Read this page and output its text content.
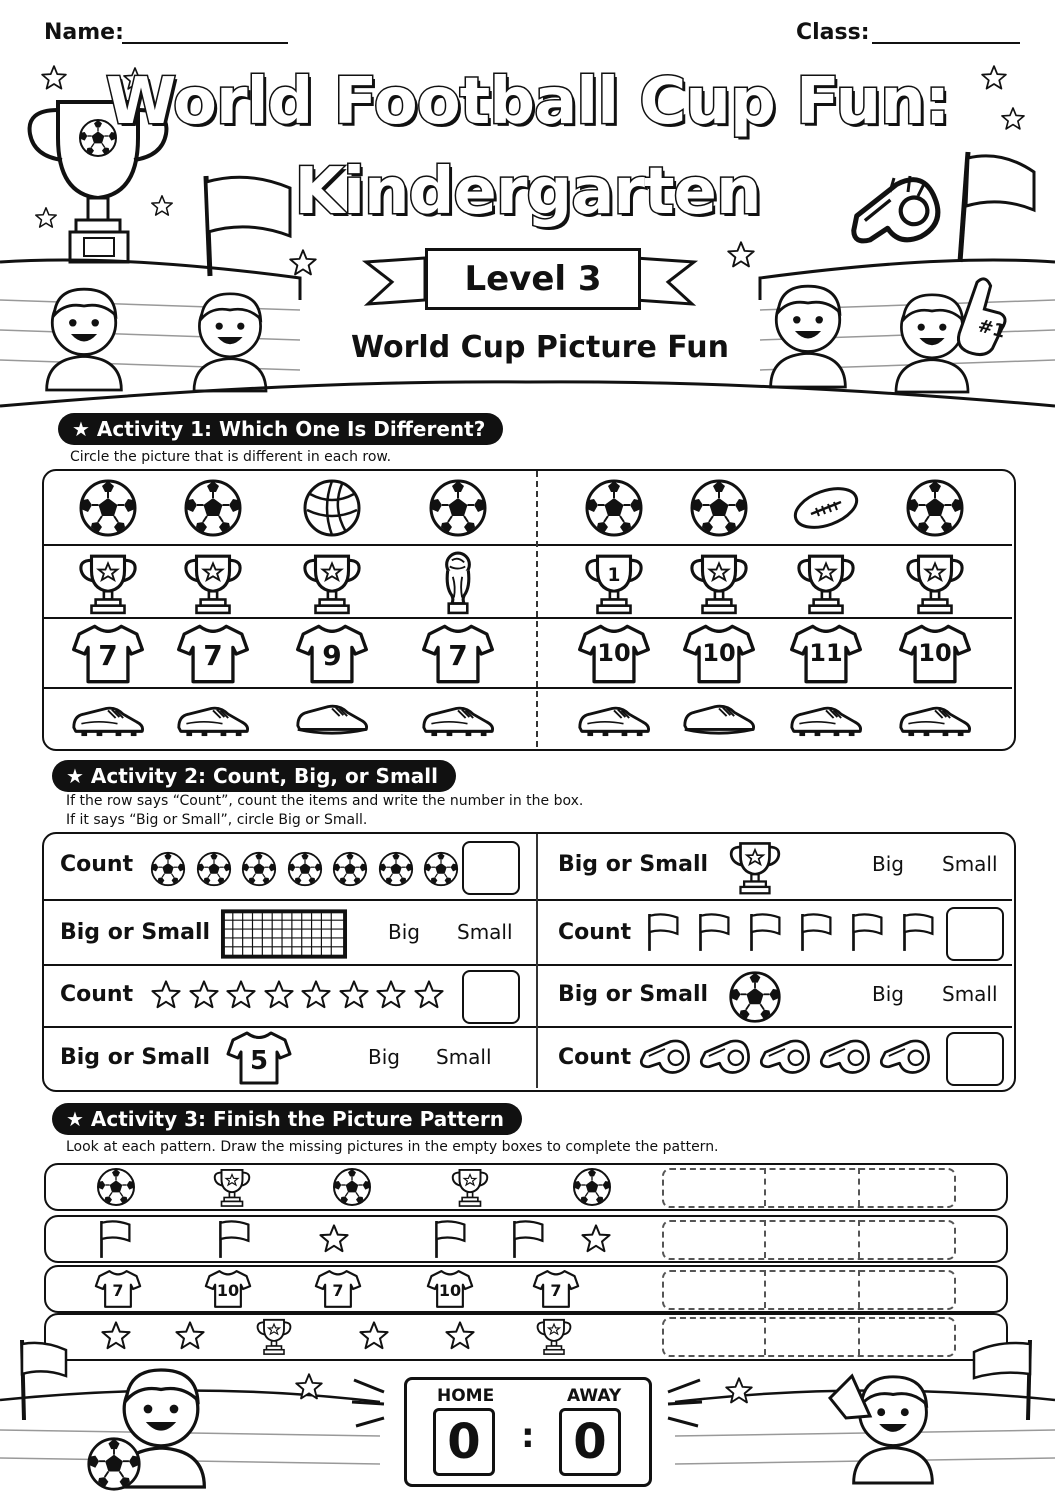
Name:	Class:
#1
World Football Cup Fun:
Kindergarten
Level 3
World Cup Picture Fun
★ Activity 1: Which One Is Different?
Circle the picture that is different in each row.
7	7	9	7	10	10	11	10
★ Activity 2: Count, Big, or Small
If the row says “Count”, count the items and write the number in the box.
If it says “Big or Small”, circle Big or Small.
Count	Big or Small	Big Small
Big or Small	Big Small Count
Count	Big or Small	Big Small
Big or Small	5	Big Small	Count
★ Activity 3: Finish the Picture Pattern
Look at each pattern. Draw the missing pictures in the empty boxes to complete the pattern.
7	10	7	10	7
HOME	AWAY
0	: 0
